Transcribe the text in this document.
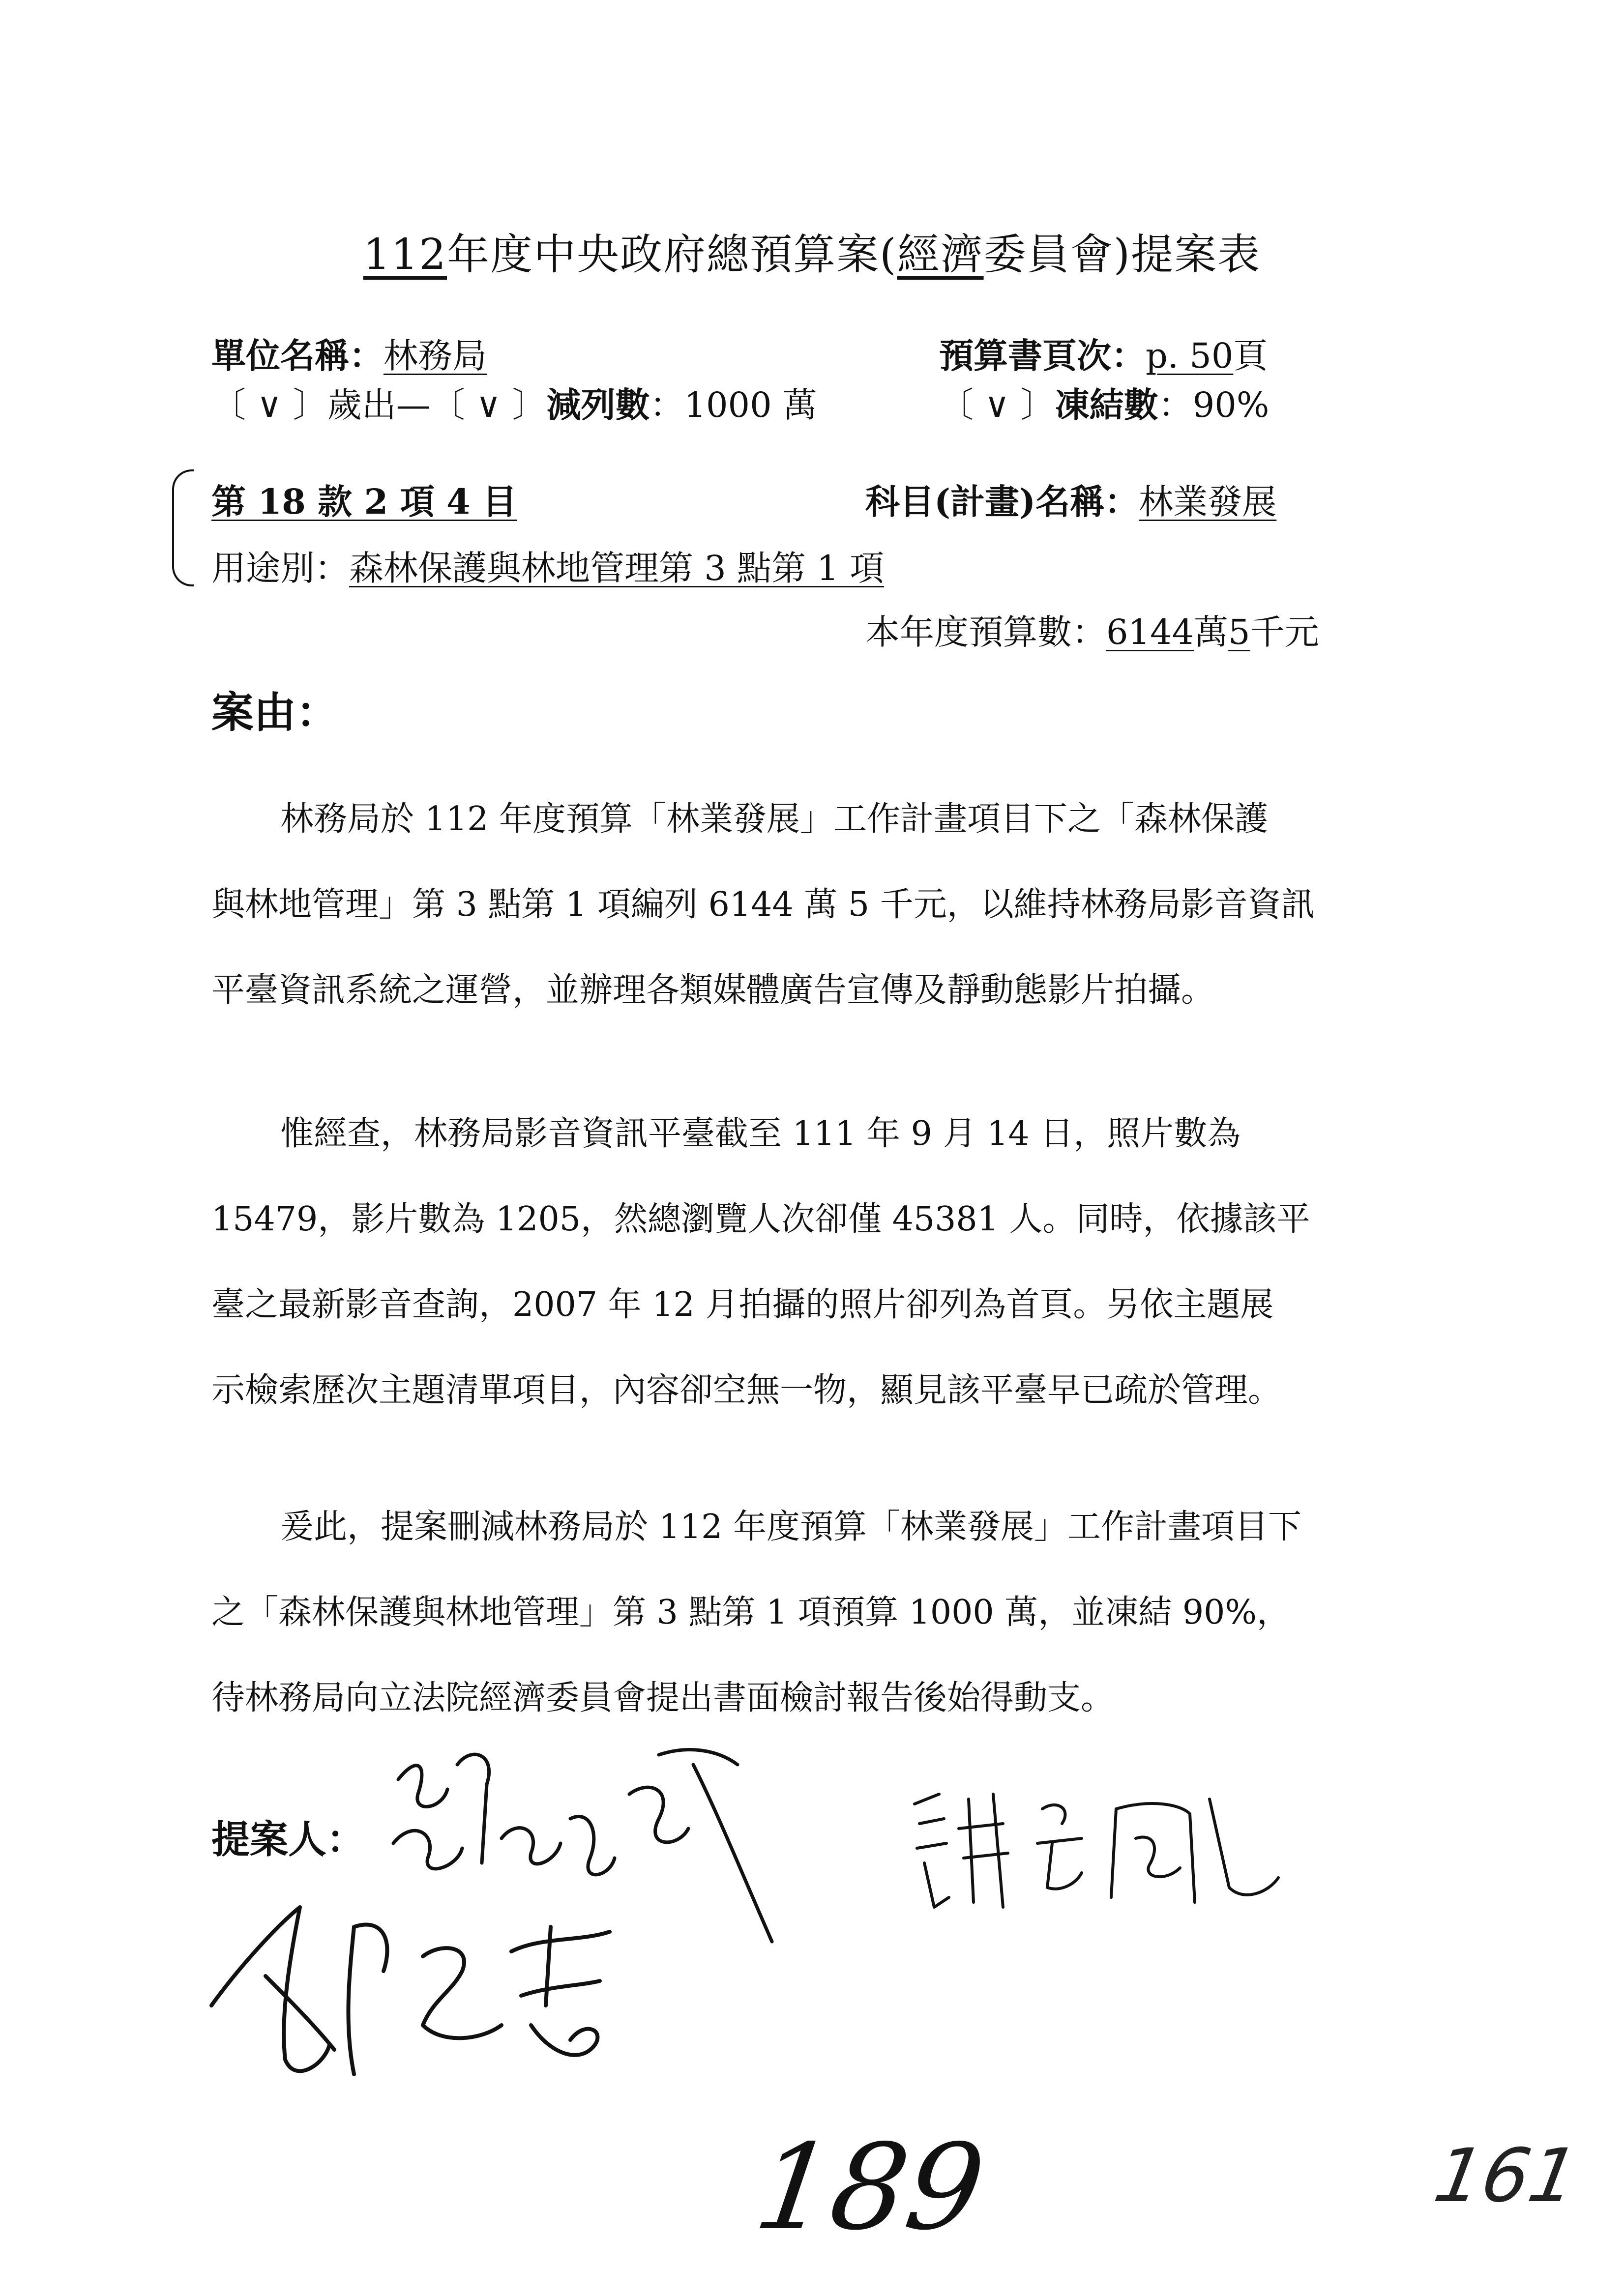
112年度中央政府總預算案(經濟委員會)提案表
單位名稱：林務局	預算書頁次：p. 50頁
〔 ∨ 〕歲出—〔 ∨ 〕減列數：1000 萬	〔 ∨ 〕凍結數：90%
第 18 款 2 項 4 目	科目(計畫)名稱：林業發展
用途別：森林保護與林地管理第 3 點第 1 項
本年度預算數：6144萬5千元
案由：
林務局於 112 年度預算「林業發展」工作計畫項目下之「森林保護
與林地管理」第 3 點第 1 項編列 6144 萬 5 千元，以維持林務局影音資訊
平臺資訊系統之運營，並辦理各類媒體廣告宣傳及靜動態影片拍攝。
惟經查，林務局影音資訊平臺截至 111 年 9 月 14 日，照片數為
15479，影片數為 1205，然總瀏覽人次卻僅 45381 人。同時，依據該平
臺之最新影音查詢，2007 年 12 月拍攝的照片卻列為首頁。另依主題展
示檢索歷次主題清單項目，內容卻空無一物，顯見該平臺早已疏於管理。
爰此，提案刪減林務局於 112 年度預算「林業發展」工作計畫項目下
之「森林保護與林地管理」第 3 點第 1 項預算 1000 萬，並凍結 90%，
待林務局向立法院經濟委員會提出書面檢討報告後始得動支。
提案人：
189	161
